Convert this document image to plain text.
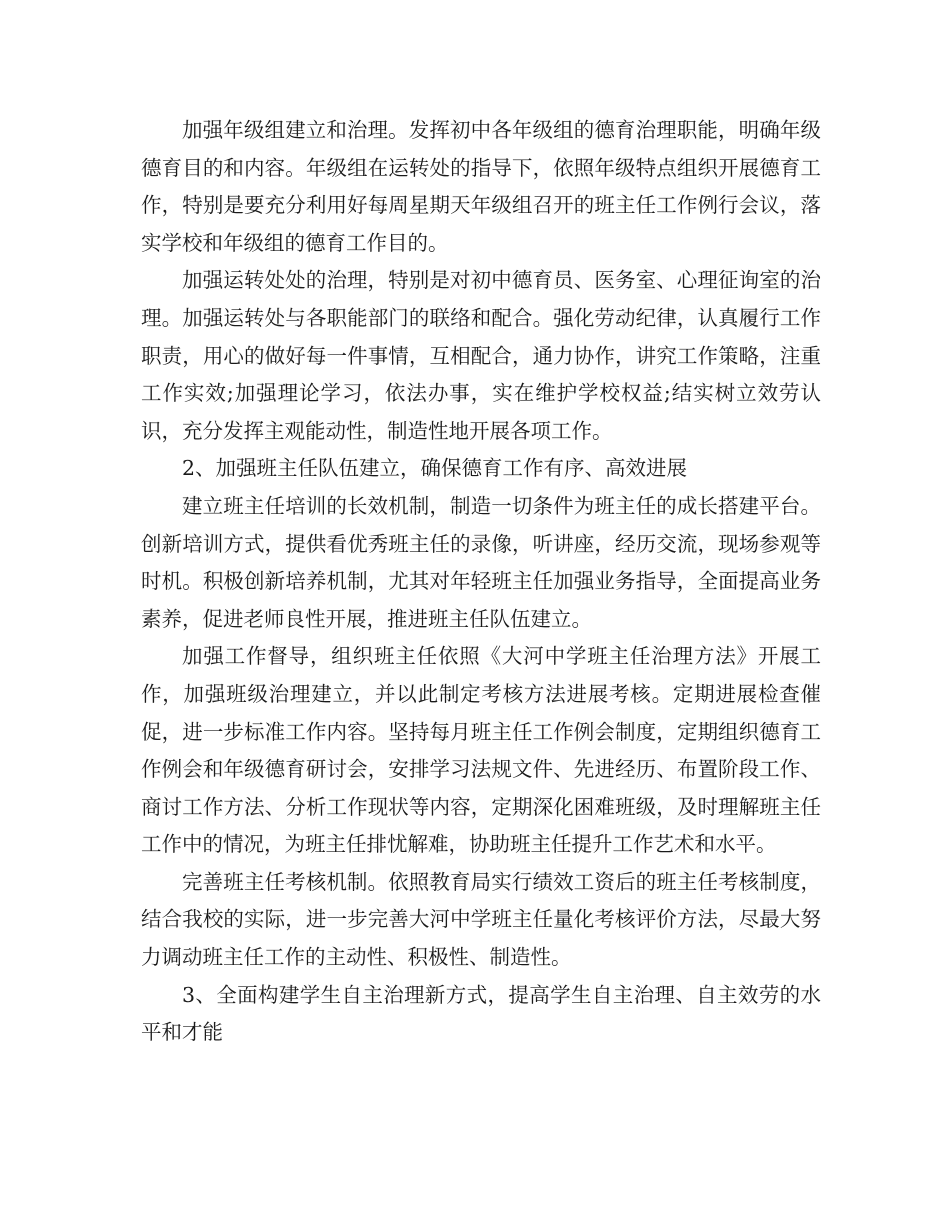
加强年级组建立和治理。发挥初中各年级组的德育治理职能，明确年级德育目的和内容。年级组在运转处的指导下，依照年级特点组织开展德育工作，特别是要充分利用好每周星期天年级组召开的班主任工作例行会议，落实学校和年级组的德育工作目的。

加强运转处处的治理，特别是对初中德育员、医务室、心理征询室的治理。加强运转处与各职能部门的联络和配合。强化劳动纪律，认真履行工作职责，用心的做好每一件事情，互相配合，通力协作，讲究工作策略，注重工作实效;加强理论学习，依法办事，实在维护学校权益;结实树立效劳认识，充分发挥主观能动性，制造性地开展各项工作。

2、加强班主任队伍建立，确保德育工作有序、高效进展

建立班主任培训的长效机制，制造一切条件为班主任的成长搭建平台。创新培训方式，提供看优秀班主任的录像，听讲座，经历交流，现场参观等时机。积极创新培养机制，尤其对年轻班主任加强业务指导，全面提高业务素养，促进老师良性开展，推进班主任队伍建立。

加强工作督导，组织班主任依照《大河中学班主任治理方法》开展工作，加强班级治理建立，并以此制定考核方法进展考核。定期进展检查催促，进一步标准工作内容。坚持每月班主任工作例会制度，定期组织德育工作例会和年级德育研讨会，安排学习法规文件、先进经历、布置阶段工作、商讨工作方法、分析工作现状等内容，定期深化困难班级，及时理解班主任工作中的情况，为班主任排忧解难，协助班主任提升工作艺术和水平。

完善班主任考核机制。依照教育局实行绩效工资后的班主任考核制度，结合我校的实际，进一步完善大河中学班主任量化考核评价方法，尽最大努力调动班主任工作的主动性、积极性、制造性。

3、全面构建学生自主治理新方式，提高学生自主治理、自主效劳的水平和才能
